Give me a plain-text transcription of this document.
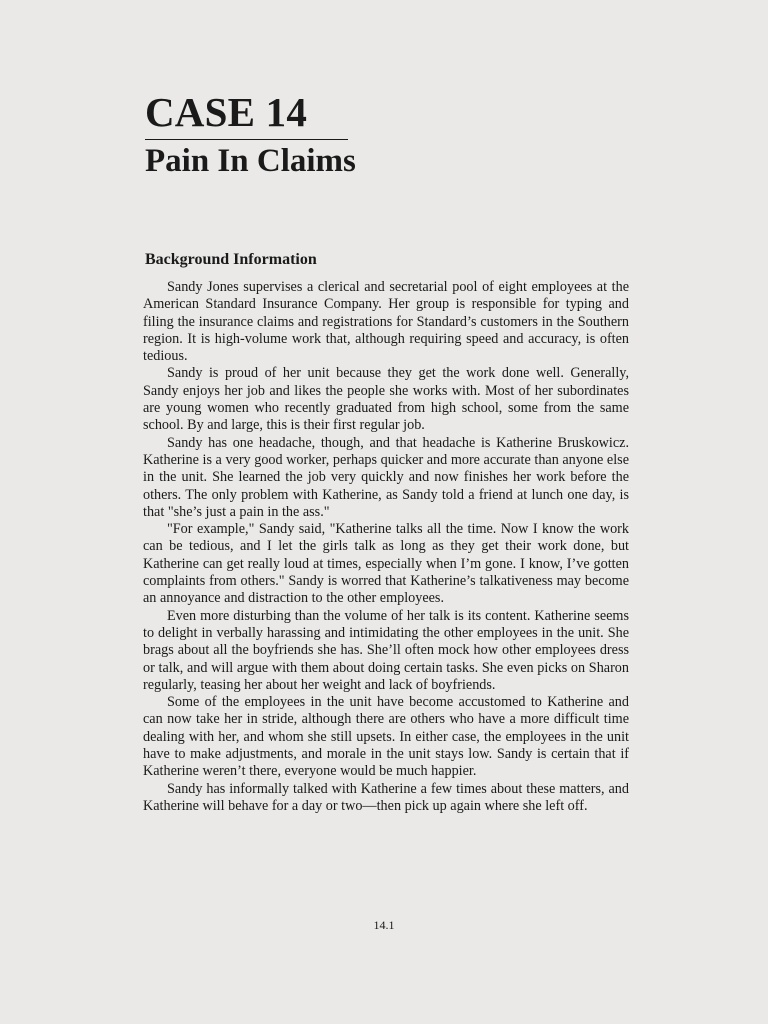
CASE 14
Pain In Claims
Background Information

Sandy Jones supervises a clerical and secretarial pool of eight employees at the American Standard Insurance Company. Her group is responsible for typing and filing the insurance claims and registrations for Standard’s customers in the Southern region. It is high-volume work that, although requiring speed and accuracy, is often tedious.

Sandy is proud of her unit because they get the work done well. Generally, Sandy enjoys her job and likes the people she works with. Most of her subordinates are young women who recently graduated from high school, some from the same school. By and large, this is their first regular job.

Sandy has one headache, though, and that headache is Katherine Bruskowicz. Katherine is a very good worker, perhaps quicker and more accurate than anyone else in the unit. She learned the job very quickly and now finishes her work before the others. The only problem with Katherine, as Sandy told a friend at lunch one day, is that "she’s just a pain in the ass."

"For example," Sandy said, "Katherine talks all the time. Now I know the work can be tedious, and I let the girls talk as long as they get their work done, but Katherine can get really loud at times, especially when I’m gone. I know, I’ve gotten complaints from others." Sandy is worred that Katherine’s talkativeness may become an annoyance and distraction to the other employees.

Even more disturbing than the volume of her talk is its content. Katherine seems to delight in verbally harassing and intimidating the other employees in the unit. She brags about all the boyfriends she has. She’ll often mock how other employees dress or talk, and will argue with them about doing certain tasks. She even picks on Sharon regularly, teasing her about her weight and lack of boyfriends.

Some of the employees in the unit have become accustomed to Katherine and can now take her in stride, although there are others who have a more difficult time dealing with her, and whom she still upsets. In either case, the employees in the unit have to make adjustments, and morale in the unit stays low. Sandy is certain that if Katherine weren’t there, everyone would be much happier.

Sandy has informally talked with Katherine a few times about these matters, and Katherine will behave for a day or two—then pick up again where she left off.

14.1
